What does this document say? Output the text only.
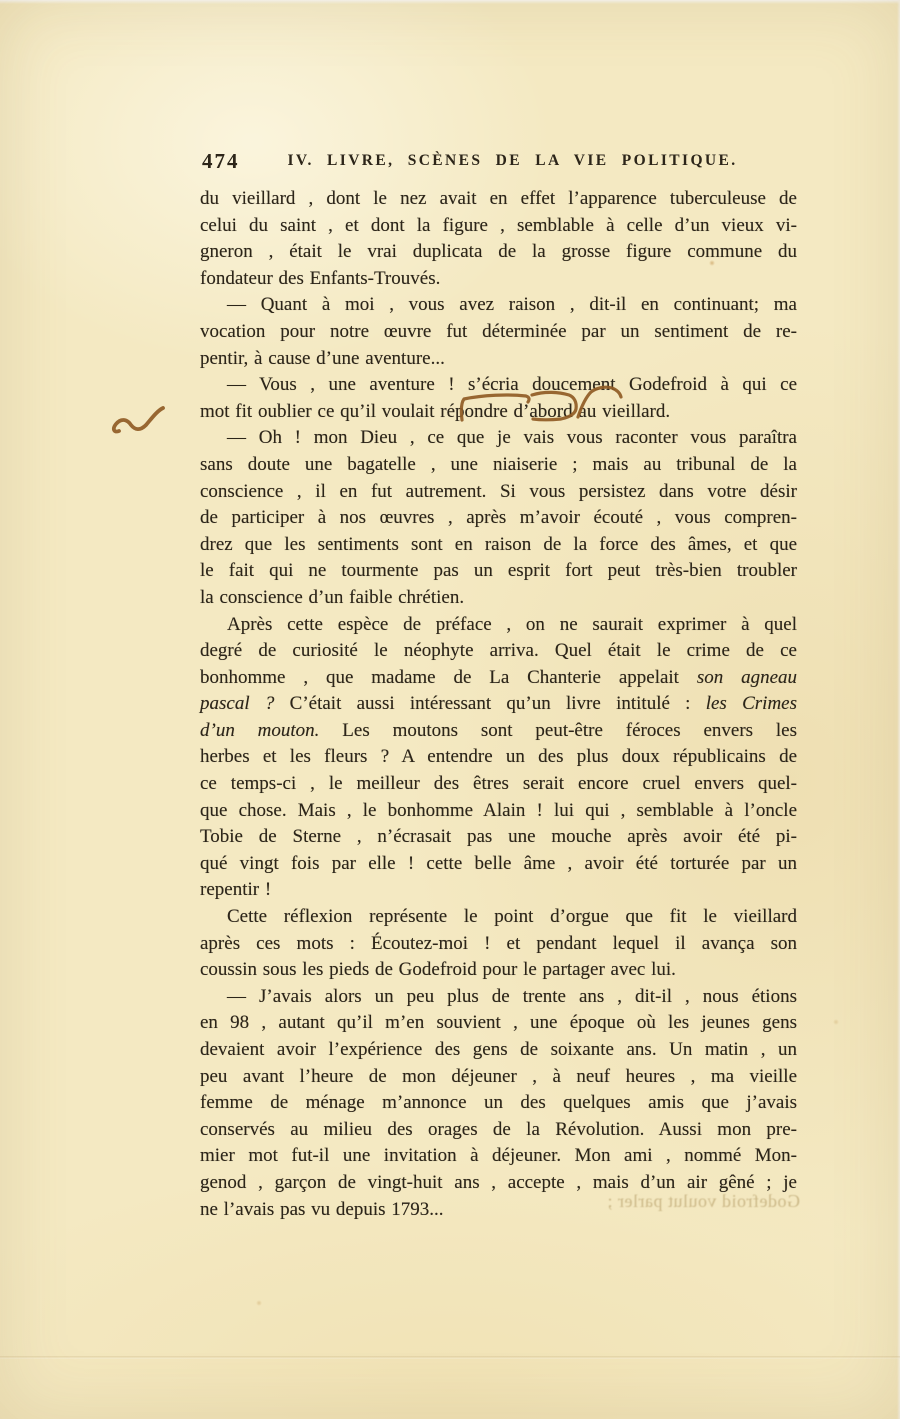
474	IV. LIVRE, SCÈNES DE LA VIE POLITIQUE.
du vieillard , dont le nez avait en effet l’apparence tuberculeuse de
celui du saint , et dont la figure , semblable à celle d’un vieux vi-
gneron , était le vrai duplicata de la grosse figure commune du
fondateur des Enfants-Trouvés.
— Quant à moi , vous avez raison , dit-il en continuant; ma
vocation pour notre œuvre fut déterminée par un sentiment de re-
pentir, à cause d’une aventure...
— Vous , une aventure ! s’écria doucement Godefroid à qui ce
mot fit oublier ce qu’il voulait répondre d’abord au vieillard.
— Oh ! mon Dieu , ce que je vais vous raconter vous paraîtra
sans doute une bagatelle , une niaiserie ; mais au tribunal de la
conscience , il en fut autrement. Si vous persistez dans votre désir
de participer à nos œuvres , après m’avoir écouté , vous compren-
drez que les sentiments sont en raison de la force des âmes, et que
le fait qui ne tourmente pas un esprit fort peut très-bien troubler
la conscience d’un faible chrétien.
Après cette espèce de préface , on ne saurait exprimer à quel
degré de curiosité le néophyte arriva. Quel était le crime de ce
bonhomme , que madame de La Chanterie appelait son agneau
pascal ? C’était aussi intéressant qu’un livre intitulé : les Crimes
d’un mouton. Les moutons sont peut-être féroces envers les
herbes et les fleurs ? A entendre un des plus doux républicains de
ce temps-ci , le meilleur des êtres serait encore cruel envers quel-
que chose. Mais , le bonhomme Alain ! lui qui , semblable à l’oncle
Tobie de Sterne , n’écrasait pas une mouche après avoir été pi-
qué vingt fois par elle ! cette belle âme , avoir été torturée par un
repentir !
Cette réflexion représente le point d’orgue que fit le vieillard
après ces mots : Écoutez-moi ! et pendant lequel il avança son
coussin sous les pieds de Godefroid pour le partager avec lui.
— J’avais alors un peu plus de trente ans , dit-il , nous étions
en 98 , autant qu’il m’en souvient , une époque où les jeunes gens
devaient avoir l’expérience des gens de soixante ans. Un matin , un
peu avant l’heure de mon déjeuner , à neuf heures , ma vieille
femme de ménage m’annonce un des quelques amis que j’avais
conservés au milieu des orages de la Révolution. Aussi mon pre-
mier mot fut-il une invitation à déjeuner. Mon ami , nommé Mon-
genod , garçon de vingt-huit ans , accepte , mais d’un air gêné ; je
ne l’avais pas vu depuis 1793...	Godefroid voulut parler ;
